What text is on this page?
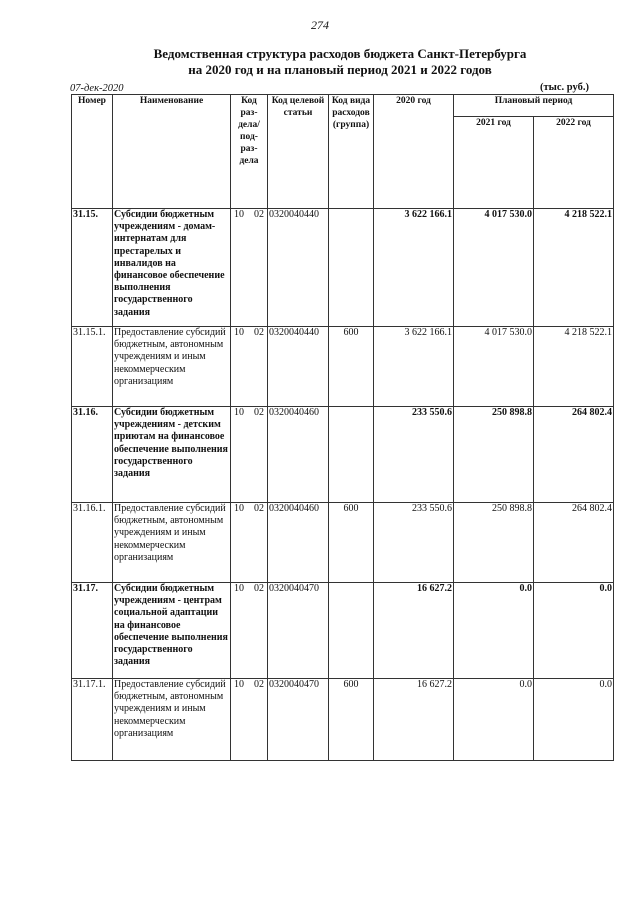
274
Ведомственная структура расходов бюджета Санкт-Петербурга
на 2020 год и на плановый период 2021 и 2022 годов
07-дек-2020	(тыс. руб.)
Номер	Наименование	Код раз- дела/ под- раз- дела	Код целевой статьи	Код вида расходов (группа)	2020 год	Плановый период	
						2021 год	2022 год
31.15.	Субсидии бюджетным учреждениям - домам-интернатам для престарелых и инвалидов на финансовое обеспечение выполнения государственного задания	10 02	0320040440		3 622 166.1	4 017 530.0	4 218 522.1
31.15.1.	Предоставление субсидий бюджетным, автономным учреждениям и иным некоммерческим организациям	10 02	0320040440	600	3 622 166.1	4 017 530.0	4 218 522.1
31.16.	Субсидии бюджетным учреждениям - детским приютам на финансовое обеспечение выполнения государственного задания	10 02	0320040460		233 550.6	250 898.8	264 802.4
31.16.1.	Предоставление субсидий бюджетным, автономным учреждениям и иным некоммерческим организациям	10 02	0320040460	600	233 550.6	250 898.8	264 802.4
31.17.	Субсидии бюджетным учреждениям - центрам социальной адаптации на финансовое обеспечение выполнения государственного задания	10 02	0320040470		16 627.2	0.0	0.0
31.17.1.	Предоставление субсидий бюджетным, автономным учреждениям и иным некоммерческим организациям	10 02	0320040470	600	16 627.2	0.0	0.0
